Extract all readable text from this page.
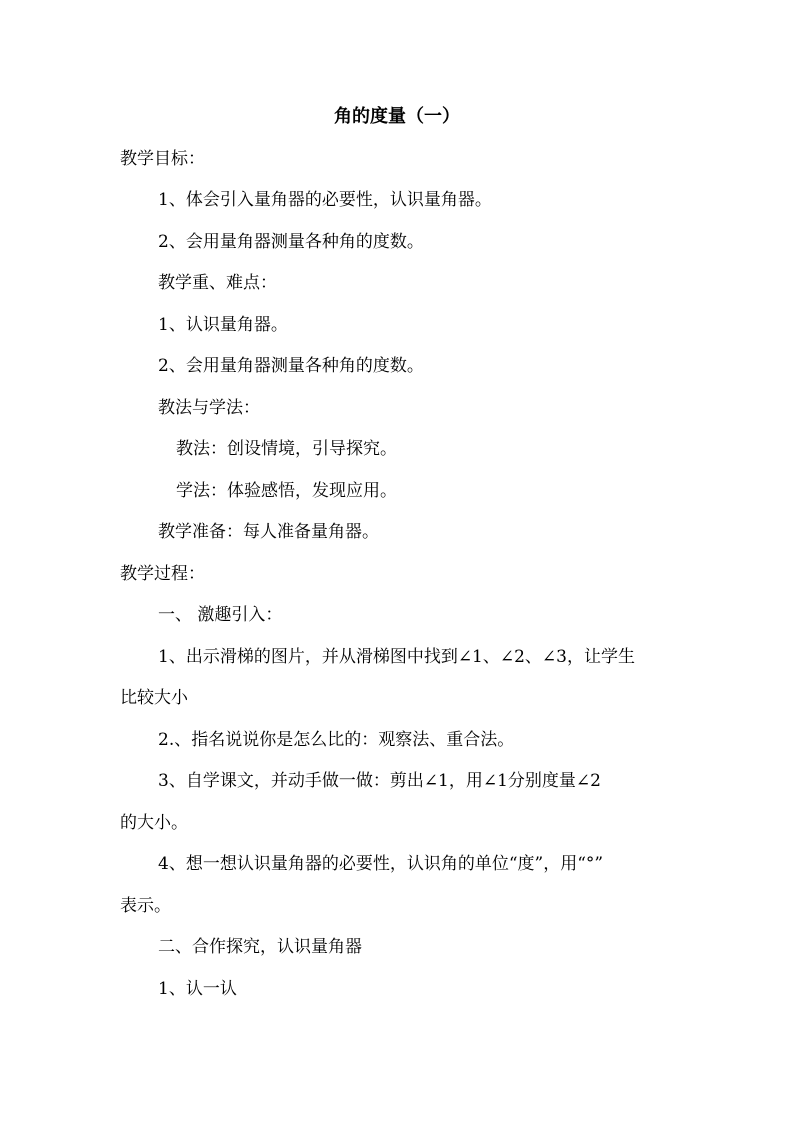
角的度量（一）
教学目标：
1、体会引入量角器的必要性，认识量角器。
2、会用量角器测量各种角的度数。
教学重、难点：
1、认识量角器。
2、会用量角器测量各种角的度数。
教法与学法：
教法：创设情境，引导探究。
学法：体验感悟，发现应用。
教学准备：每人准备量角器。
教学过程：
一、 激趣引入：
1、出示滑梯的图片，并从滑梯图中找到∠1、∠2、∠3，让学生
比较大小
2.、指名说说你是怎么比的：观察法、重合法。
3、自学课文，并动手做一做：剪出∠1，用∠1分别度量∠2
的大小。
4、想一想认识量角器的必要性，认识角的单位“度”，用“°”
表示。
二、合作探究，认识量角器
1、认一认
